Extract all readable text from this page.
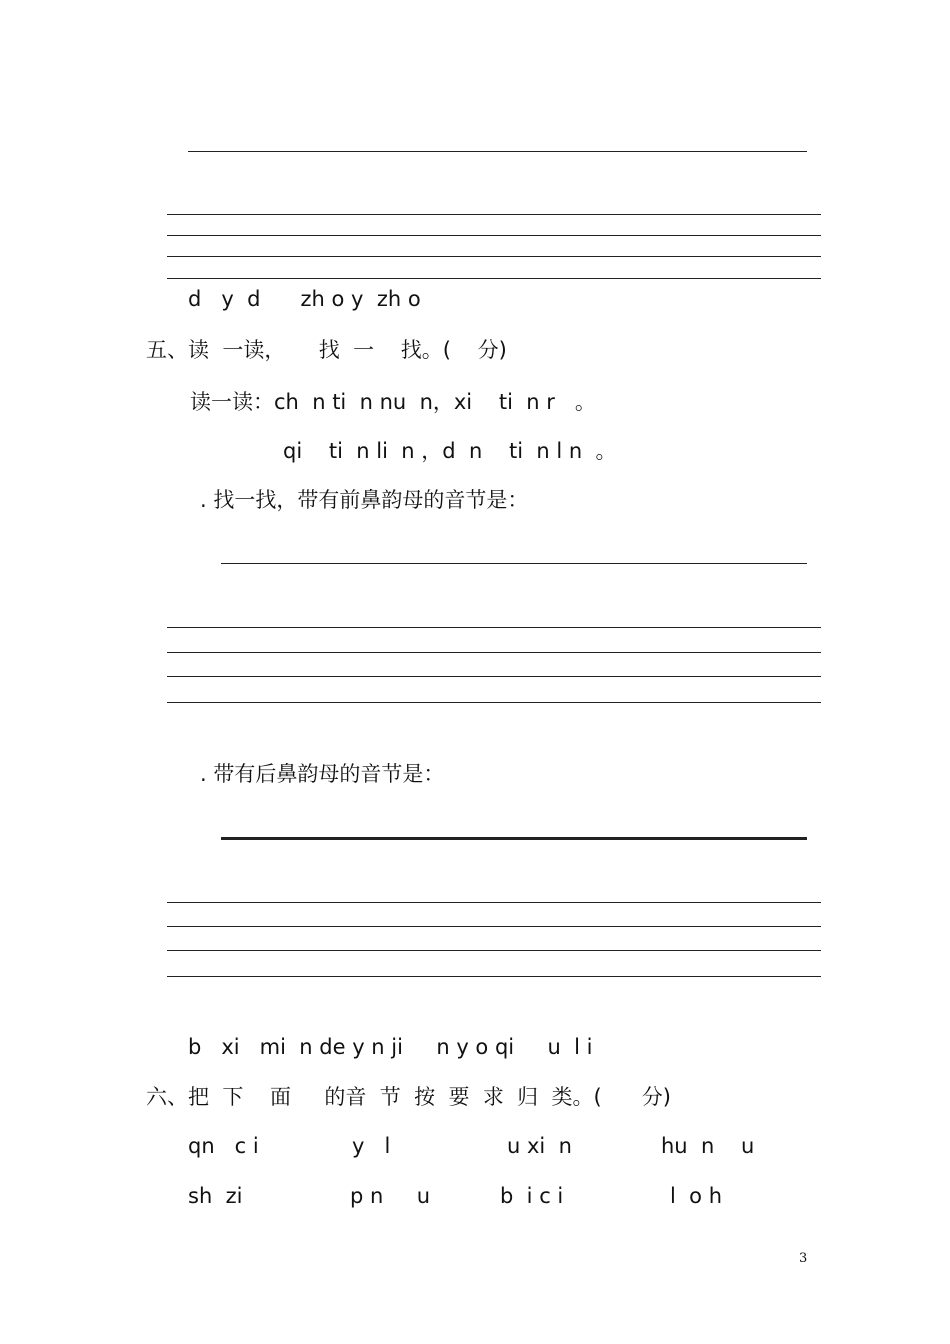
d   y  d      zh o y  zh o
五、读  一读，     找  一    找。(    分)
读一读：ch  n ti  n nu  n，xi    ti  n r   。
qi    ti  n li  n ，d  n    ti  n l n  。
. 找一找，带有前鼻韵母的音节是：
. 带有后鼻韵母的音节是：
b   xi   mi  n de y n ji     n y o qi     u  l i
六、把  下    面     的音  节  按  要  求  归  类。(      分)
qn   c i	y   l	u xi  n	hu  n    u
sh  zi	p n     u	b  i c i	l  o h
3
